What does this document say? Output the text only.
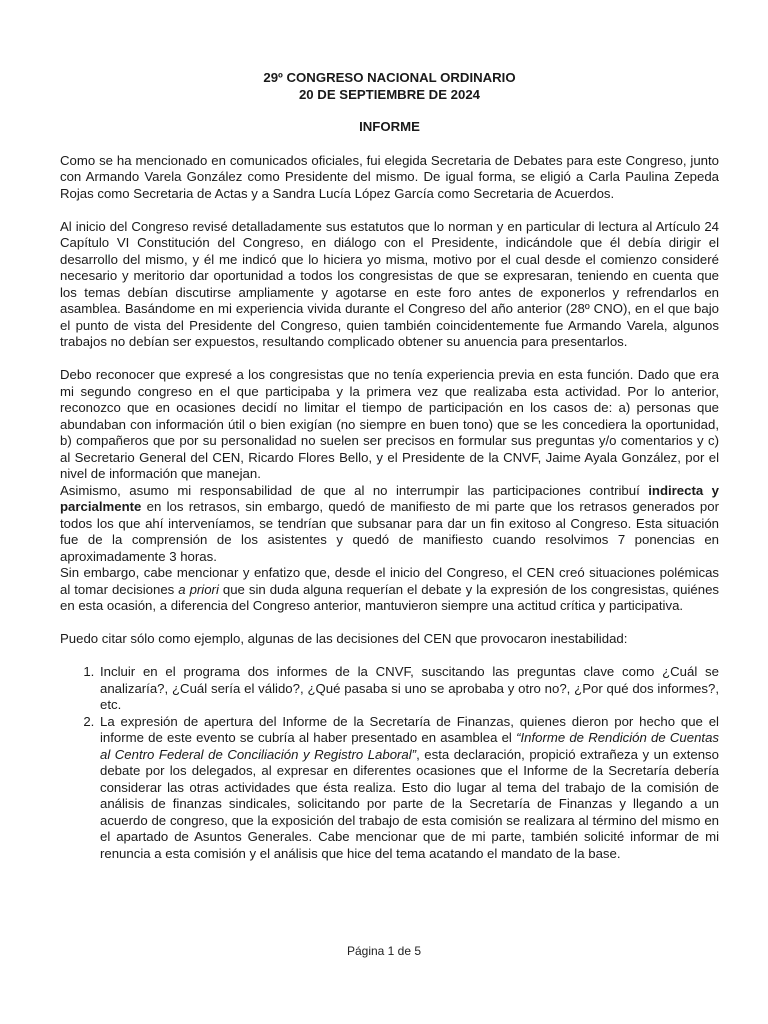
29º CONGRESO NACIONAL ORDINARIO

20 DE SEPTIEMBRE DE 2024

INFORME

Como se ha mencionado en comunicados oficiales, fui elegida Secretaria de Debates para este Congreso, junto con Armando Varela González como Presidente del mismo. De igual forma, se eligió a Carla Paulina Zepeda Rojas como Secretaria de Actas y a Sandra Lucía López García como Secretaria de Acuerdos.

Al inicio del Congreso revisé detalladamente sus estatutos que lo norman y en particular di lectura al Artículo 24 Capítulo VI Constitución del Congreso, en diálogo con el Presidente, indicándole que él debía dirigir el desarrollo del mismo, y él me indicó que lo hiciera yo misma, motivo por el cual desde el comienzo consideré necesario y meritorio dar oportunidad a todos los congresistas de que se expresaran, teniendo en cuenta que los temas debían discutirse ampliamente y agotarse en este foro antes de exponerlos y refrendarlos en asamblea. Basándome en mi experiencia vivida durante el Congreso del año anterior (28º CNO), en el que bajo el punto de vista del Presidente del Congreso, quien también coincidentemente fue Armando Varela, algunos trabajos no debían ser expuestos, resultando complicado obtener su anuencia para presentarlos.

Debo reconocer que expresé a los congresistas que no tenía experiencia previa en esta función. Dado que era mi segundo congreso en el que participaba y la primera vez que realizaba esta actividad. Por lo anterior, reconozco que en ocasiones decidí no limitar el tiempo de participación en los casos de: a) personas que abundaban con información útil o bien exigían (no siempre en buen tono) que se les concediera la oportunidad, b) compañeros que por su personalidad no suelen ser precisos en formular sus preguntas y/o comentarios y c) al Secretario General del CEN, Ricardo Flores Bello, y el Presidente de la CNVF, Jaime Ayala González, por el nivel de información que manejan.

Asimismo, asumo mi responsabilidad de que al no interrumpir las participaciones contribuí indirecta y parcialmente en los retrasos, sin embargo, quedó de manifiesto de mi parte que los retrasos generados por todos los que ahí interveníamos, se tendrían que subsanar para dar un fin exitoso al Congreso. Esta situación fue de la comprensión de los asistentes y quedó de manifiesto cuando resolvimos 7 ponencias en aproximadamente 3 horas.

Sin embargo, cabe mencionar y enfatizo que, desde el inicio del Congreso, el CEN creó situaciones polémicas al tomar decisiones a priori que sin duda alguna requerían el debate y la expresión de los congresistas, quiénes en esta ocasión, a diferencia del Congreso anterior, mantuvieron siempre una actitud crítica y participativa.

Puedo citar sólo como ejemplo, algunas de las decisiones del CEN que provocaron inestabilidad:

1. Incluir en el programa dos informes de la CNVF, suscitando las preguntas clave como ¿Cuál se analizaría?, ¿Cuál sería el válido?, ¿Qué pasaba si uno se aprobaba y otro no?, ¿Por qué dos informes?, etc.
2. La expresión de apertura del Informe de la Secretaría de Finanzas, quienes dieron por hecho que el informe de este evento se cubría al haber presentado en asamblea el “Informe de Rendición de Cuentas al Centro Federal de Conciliación y Registro Laboral”, esta declaración, propició extrañeza y un extenso debate por los delegados, al expresar en diferentes ocasiones que el Informe de la Secretaría debería considerar las otras actividades que ésta realiza. Esto dio lugar al tema del trabajo de la comisión de análisis de finanzas sindicales, solicitando por parte de la Secretaría de Finanzas y llegando a un acuerdo de congreso, que la exposición del trabajo de esta comisión se realizara al término del mismo en el apartado de Asuntos Generales. Cabe mencionar que de mi parte, también solicité informar de mi renuncia a esta comisión y el análisis que hice del tema acatando el mandato de la base.
Página 1 de 5
